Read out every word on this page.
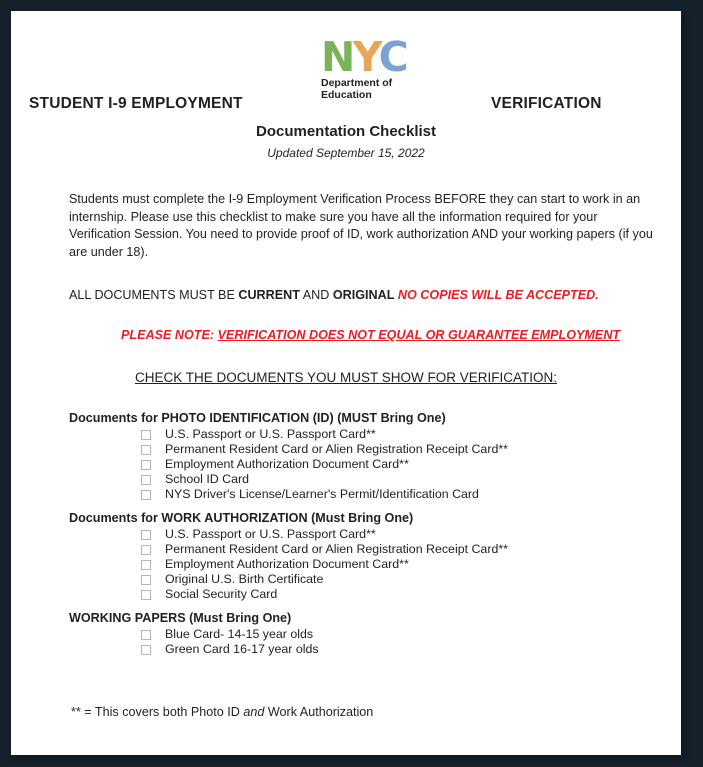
NYC
Department of
Education
STUDENT I-9 EMPLOYMENT	VERIFICATION
Documentation Checklist
Updated September 15, 2022

Students must complete the I-9 Employment Verification Process BEFORE they can start to work in an internship. Please use this checklist to make sure you have all the information required for your Verification Session. You need to provide proof of ID, work authorization AND your working papers (if you are under 18).

ALL DOCUMENTS MUST BE CURRENT AND ORIGINAL NO COPIES WILL BE ACCEPTED.

PLEASE NOTE: VERIFICATION DOES NOT EQUAL OR GUARANTEE EMPLOYMENT

CHECK THE DOCUMENTS YOU MUST SHOW FOR VERIFICATION:

Documents for PHOTO IDENTIFICATION (ID) (MUST Bring One)
U.S. Passport or U.S. Passport Card**
Permanent Resident Card or Alien Registration Receipt Card**
Employment Authorization Document Card**
School ID Card
NYS Driver's License/Learner's Permit/Identification Card
Documents for WORK AUTHORIZATION (Must Bring One)
U.S. Passport or U.S. Passport Card**
Permanent Resident Card or Alien Registration Receipt Card**
Employment Authorization Document Card**
Original U.S. Birth Certificate
Social Security Card
WORKING PAPERS (Must Bring One)
Blue Card- 14-15 year olds
Green Card 16-17 year olds

** = This covers both Photo ID and Work Authorization
